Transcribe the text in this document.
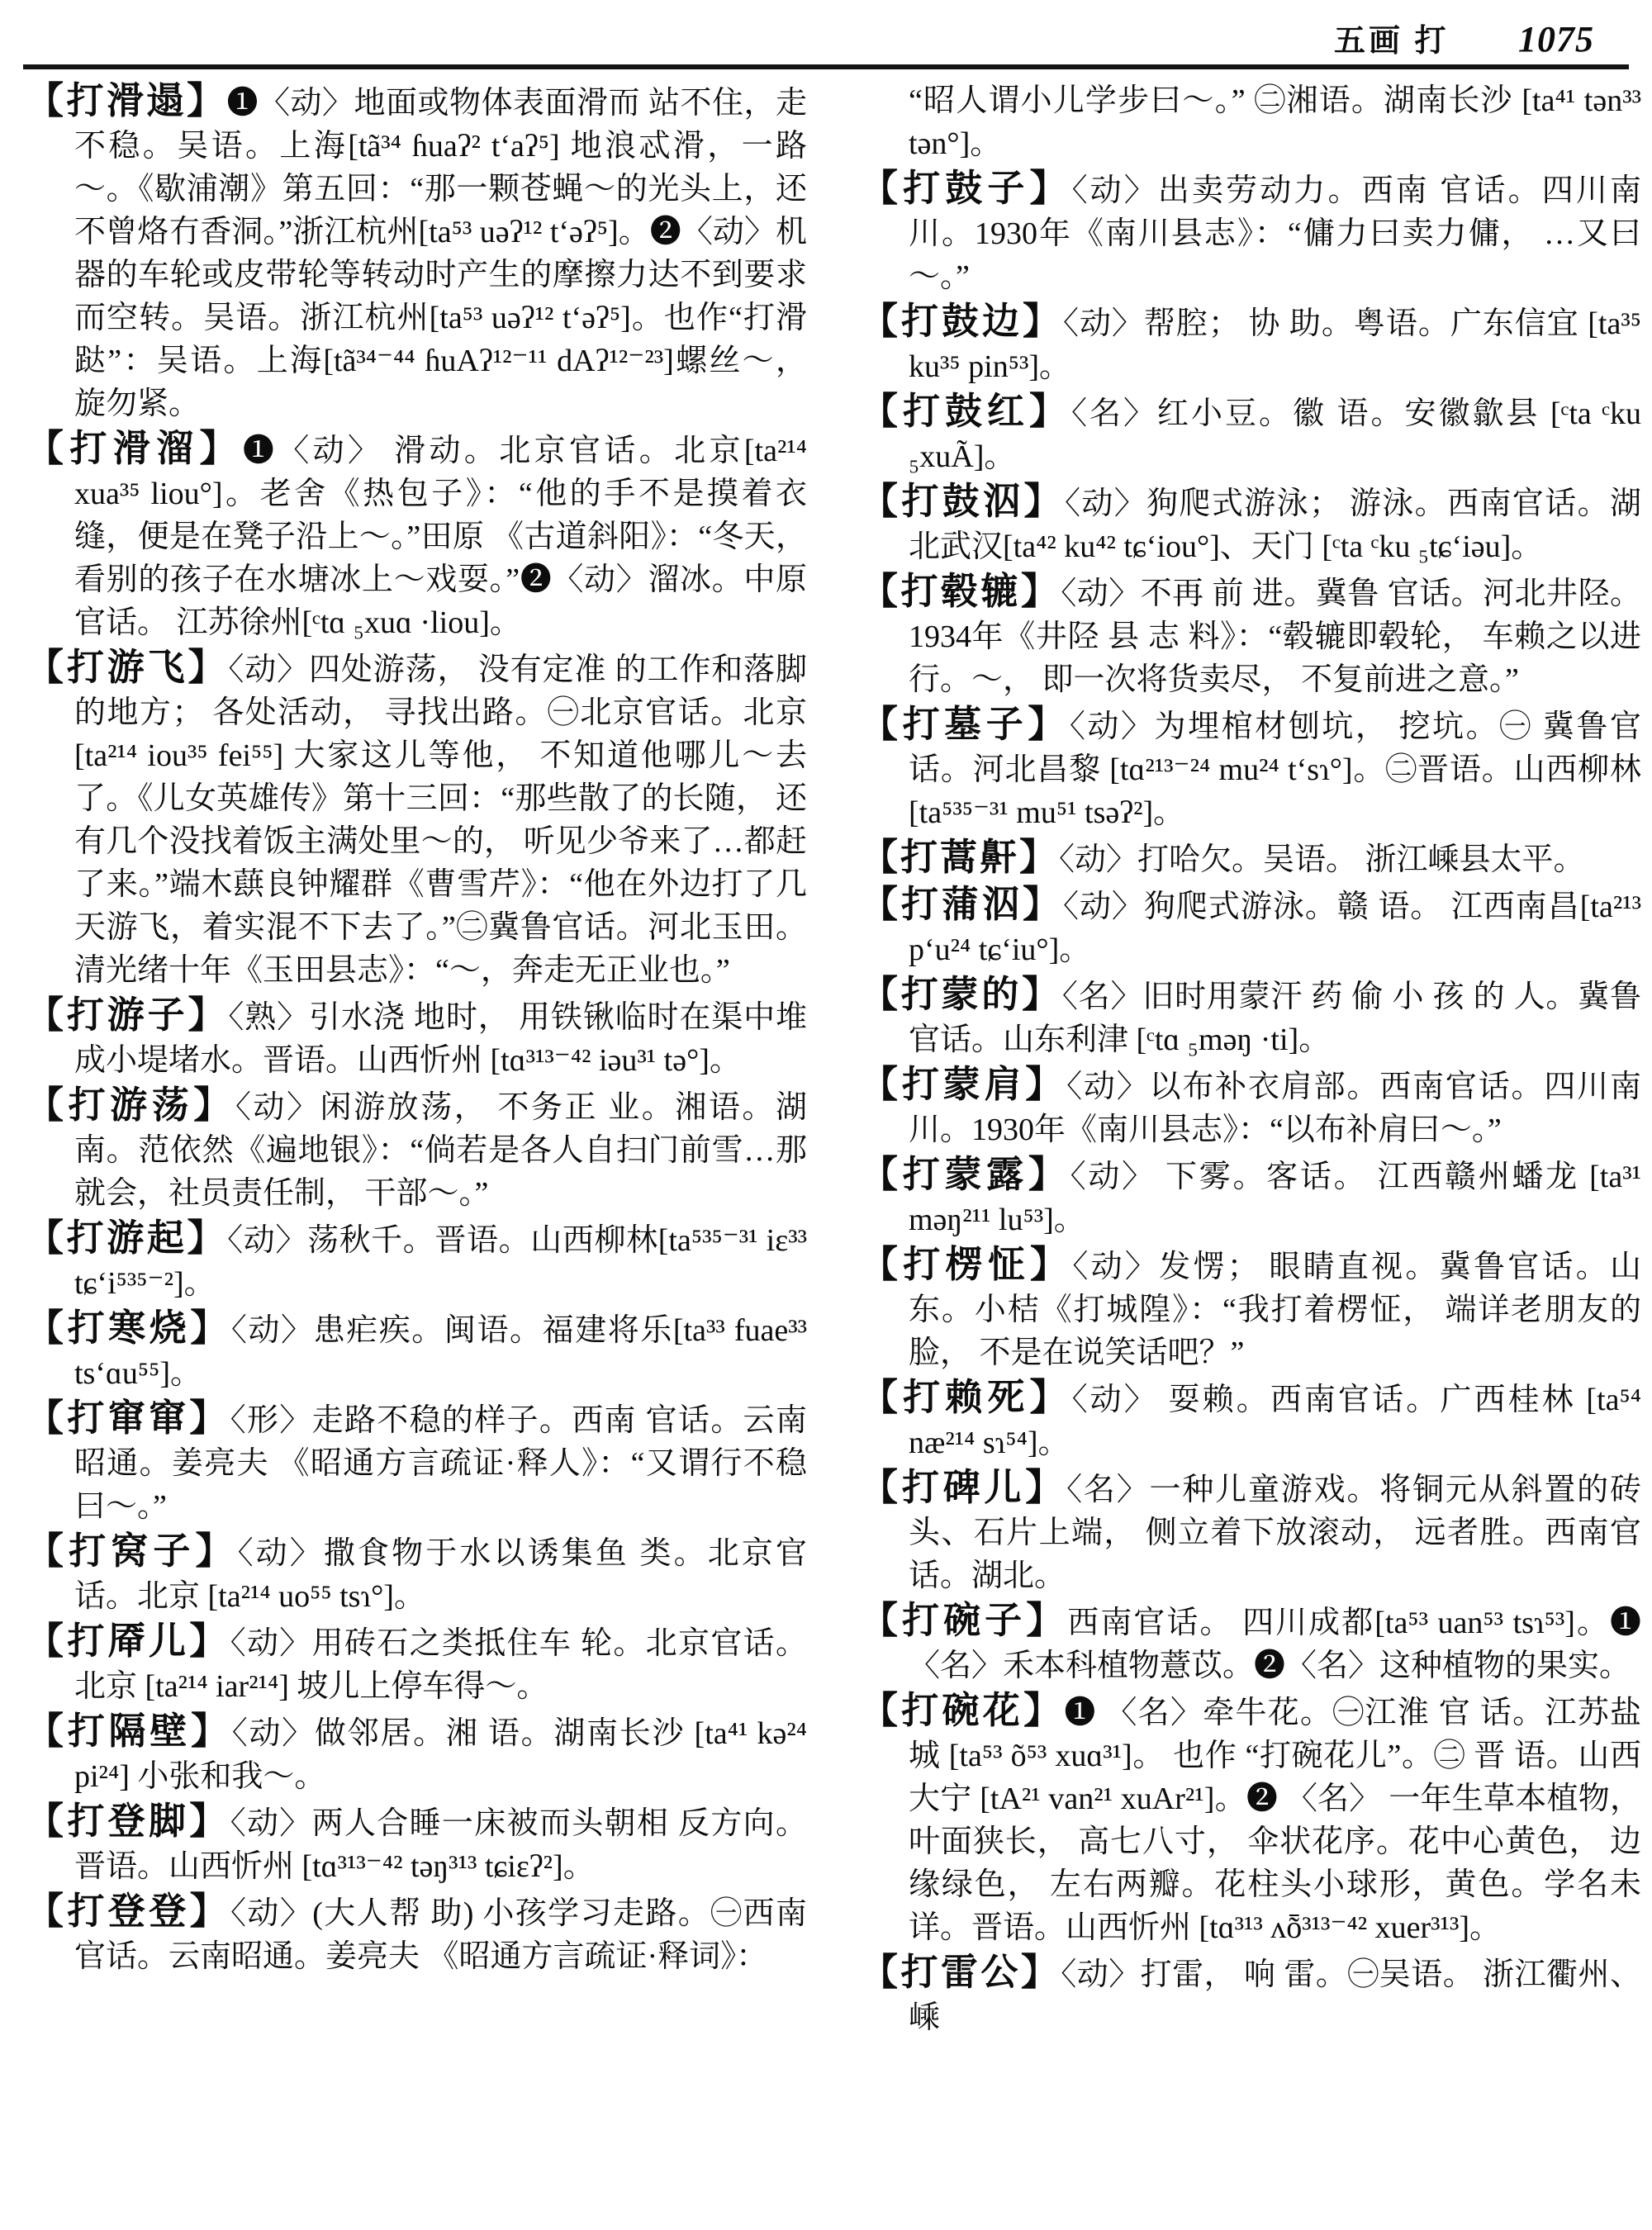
五画 打 1075
【打滑遢】❶〈动〉地面或物体表面滑而 站不住，走不稳。吴语。上海[tã³⁴ ɦuaʔ² t‘aʔ⁵] 地浪忒滑，一路～。《歇浦潮》第五回：“那一颗苍蝇～的光头上，还不曾烙冇香洞。”浙江杭州[ta⁵³ uəʔ¹² t‘əʔ⁵]。❷〈动〉机器的车轮或皮带轮等转动时产生的摩擦力达不到要求而空转。吴语。浙江杭州[ta⁵³ uəʔ¹² t‘əʔ⁵]。也作“打滑跶”：吴语。上海[tã³⁴⁻⁴⁴ ɦuAʔ¹²⁻¹¹ dAʔ¹²⁻²³]螺丝～，旋勿紧。
【打滑溜】❶〈动〉 滑动。北京官话。北京[ta²¹⁴ xua³⁵ liou°]。老舍《热包子》：“他的手不是摸着衣缝，便是在凳子沿上～。”田原 《古道斜阳》：“冬天， 看别的孩子在水塘冰上～戏耍。”❷〈动〉溜冰。中原官话。 江苏徐州[ᶜtɑ ₅xuɑ ·liou]。
【打游飞】〈动〉四处游荡， 没有定准 的工作和落脚的地方； 各处活动， 寻找出路。㊀北京官话。北京 [ta²¹⁴ iou³⁵ fei⁵⁵] 大家这儿等他， 不知道他哪儿～去了。《儿女英雄传》第十三回：“那些散了的长随， 还有几个没找着饭主满处里～的， 听见少爷来了…都赶了来。”端木蕻良钟耀群《曹雪芹》：“他在外边打了几天游飞，着实混不下去了。”㊁冀鲁官话。河北玉田。清光绪十年《玉田县志》：“～，奔走无正业也。”
【打游子】〈熟〉引水浇 地时， 用铁锹临时在渠中堆成小堤堵水。晋语。山西忻州 [tɑ³¹³⁻⁴² iəu³¹ tə°]。
【打游荡】〈动〉闲游放荡， 不务正 业。湘语。湖南。范依然《遍地银》：“倘若是各人自扫门前雪…那就会，社员责任制， 干部～。”
【打游起】〈动〉荡秋千。晋语。山西柳林[ta⁵³⁵⁻³¹ iɛ³³ tɕ‘i⁵³⁵⁻²]。
【打寒烧】〈动〉患疟疾。闽语。福建将乐[ta³³ fuae³³ ts‘ɑu⁵⁵]。
【打窜窜】〈形〉走路不稳的样子。西南 官话。云南昭通。姜亮夫 《昭通方言疏证·释人》：“又谓行不稳曰～。”
【打窝子】〈动〉撒食物于水以诱集鱼 类。北京官话。北京 [ta²¹⁴ uo⁵⁵ tsɿ°]。
【打厣儿】〈动〉用砖石之类抵住车 轮。北京官话。北京 [ta²¹⁴ iar²¹⁴] 坡儿上停车得～。
【打隔壁】〈动〉做邻居。湘 语。湖南长沙 [ta⁴¹ kə²⁴ pi²⁴] 小张和我～。
【打登脚】〈动〉两人合睡一床被而头朝相 反方向。晋语。山西忻州 [tɑ³¹³⁻⁴² təŋ³¹³ tɕiɛʔ²]。
【打登登】〈动〉(大人帮 助) 小孩学习走路。㊀西南官话。云南昭通。姜亮夫 《昭通方言疏证·释词》：
“昭人谓小儿学步曰～。” ㊁湘语。湖南长沙 [ta⁴¹ tən³³ tən°]。
【打鼓子】〈动〉出卖劳动力。西南 官话。四川南川。1930年《南川县志》：“傭力曰卖力傭， …又曰～。”
【打鼓边】〈动〉帮腔； 协 助。粤语。广东信宜 [ta³⁵ ku³⁵ pin⁵³]。
【打鼓红】〈名〉红小豆。徽 语。安徽歙县 [ᶜta ᶜku ₅xuÃ]。
【打鼓泅】〈动〉狗爬式游泳； 游泳。西南官话。湖北武汉[ta⁴² ku⁴² tɕ‘iou°]、天门 [ᶜta ᶜku ₅tɕ‘iəu]。
【打毂辘】〈动〉不再 前 进。冀鲁 官话。河北井陉。1934年《井陉 县 志 料》：“毂辘即毂轮， 车赖之以进行。～， 即一次将货卖尽， 不复前进之意。”
【打墓子】〈动〉为埋棺材刨坑， 挖坑。㊀ 冀鲁官话。河北昌黎 [tɑ²¹³⁻²⁴ mu²⁴ t‘sɿ°]。㊁晋语。山西柳林 [ta⁵³⁵⁻³¹ mu⁵¹ tsəʔ²]。
【打蒿鼾】〈动〉打哈欠。吴语。 浙江嵊县太平。
【打蒲泅】〈动〉狗爬式游泳。赣 语。 江西南昌[ta²¹³ p‘u²⁴ tɕ‘iu°]。
【打蒙的】〈名〉旧时用蒙汗 药 偷 小 孩 的 人。冀鲁官话。山东利津 [ᶜtɑ ₅məŋ ·ti]。
【打蒙肩】〈动〉以布补衣肩部。西南官话。四川南川。1930年《南川县志》：“以布补肩曰～。”
【打蒙露】〈动〉 下雾。客话。 江西赣州蟠龙 [ta³¹ məŋ²¹¹ lu⁵³]。
【打楞怔】〈动〉发愣； 眼睛直视。冀鲁官话。山东。小桔《打城隍》：“我打着楞怔， 端详老朋友的脸， 不是在说笑话吧？”
【打赖死】〈动〉 耍赖。西南官话。广西桂林 [ta⁵⁴ næ²¹⁴ sɿ⁵⁴]。
【打碑儿】〈名〉一种儿童游戏。将铜元从斜置的砖头、石片上端， 侧立着下放滚动， 远者胜。西南官话。湖北。
【打碗子】西南官话。 四川成都[ta⁵³ uan⁵³ tsɿ⁵³]。❶〈名〉禾本科植物薏苡。❷〈名〉这种植物的果实。
【打碗花】❶ 〈名〉牵牛花。㊀江淮 官 话。江苏盐城 [ta⁵³ õ⁵³ xuɑ³¹]。 也作 “打碗花儿”。㊁ 晋 语。山西大宁 [tA²¹ van²¹ xuAr²¹]。❷ 〈名〉 一年生草本植物， 叶面狭长， 高七八寸， 伞状花序。花中心黄色， 边缘绿色， 左右两瓣。花柱头小球形，黄色。学名未详。晋语。山西忻州 [tɑ³¹³ ʌȭ³¹³⁻⁴² xuer³¹³]。
【打雷公】〈动〉打雷， 响 雷。㊀吴语。 浙江衢州、嵊
